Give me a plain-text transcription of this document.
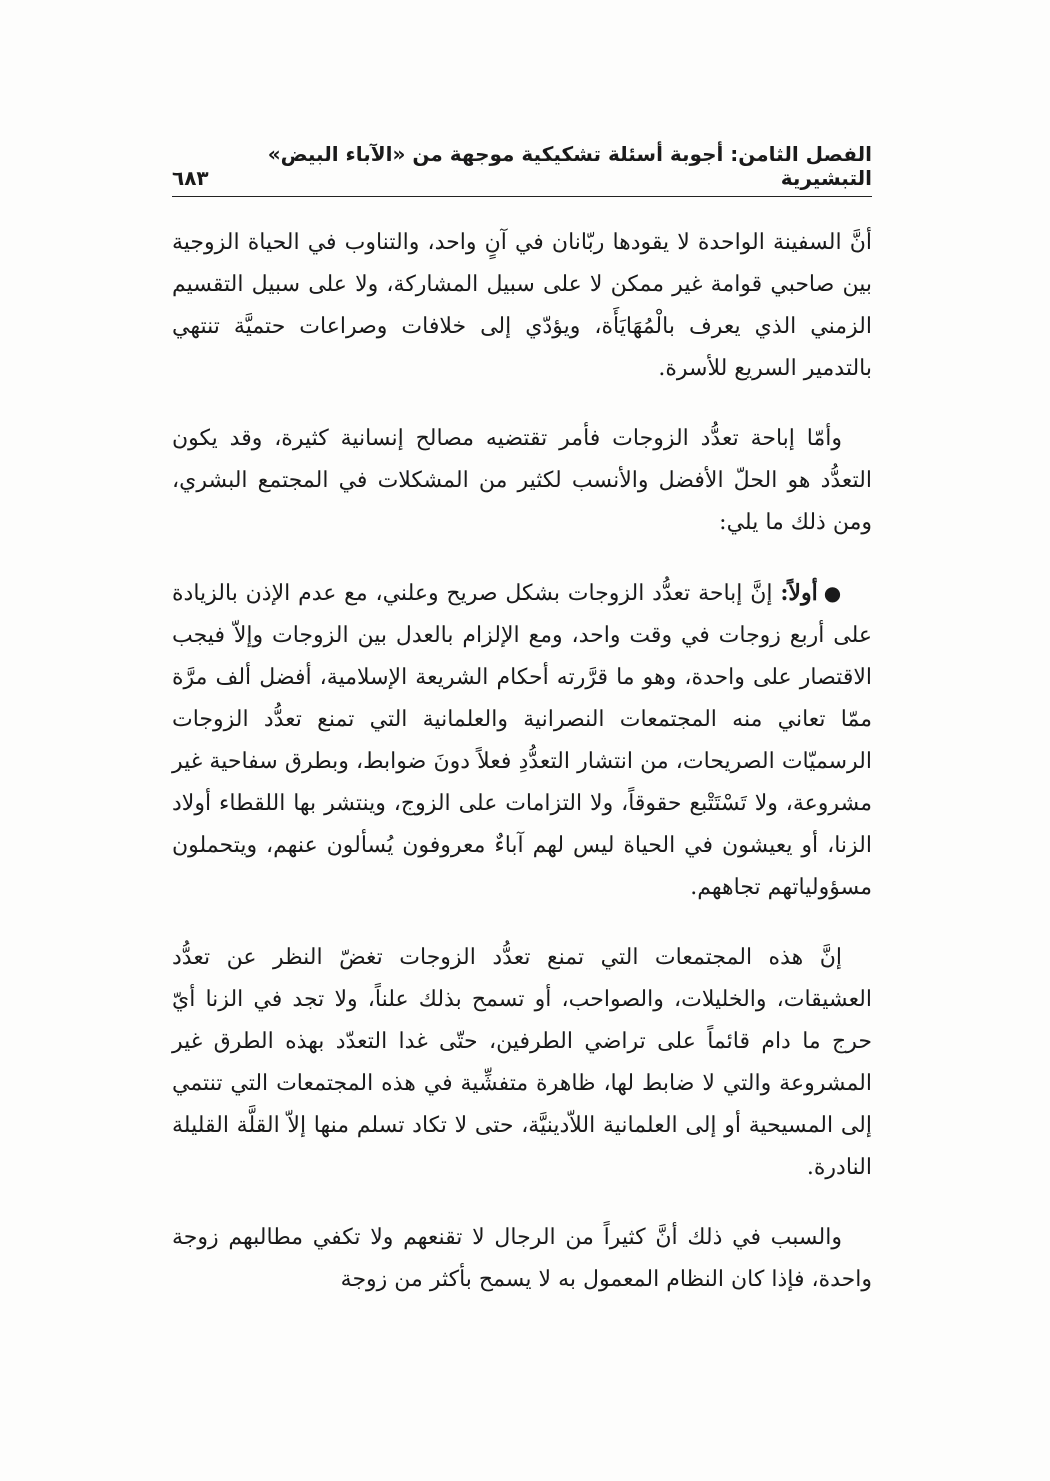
الفصل الثامن: أجوبة أسئلة تشكيكية موجهة من «الآباء البيض» التبشيرية
٦٨٣

أنَّ السفينة الواحدة لا يقودها ربّانان في آنٍ واحد، والتناوب في الحياة الزوجية بين صاحبي قوامة غير ممكن لا على سبيل المشاركة، ولا على سبيل التقسيم الزمني الذي يعرف بالْمُهَايَأَة، ويؤدّي إلى خلافات وصراعات حتميَّة تنتهي بالتدمير السريع للأسرة.

وأمّا إباحة تعدُّد الزوجات فأمر تقتضيه مصالح إنسانية كثيرة، وقد يكون التعدُّد هو الحلّ الأفضل والأنسب لكثير من المشكلات في المجتمع البشري، ومن ذلك ما يلي:

●أولاً: إنَّ إباحة تعدُّد الزوجات بشكل صريح وعلني، مع عدم الإذن بالزيادة على أربع زوجات في وقت واحد، ومع الإلزام بالعدل بين الزوجات وإلاّ فيجب الاقتصار على واحدة، وهو ما قرَّرته أحكام الشريعة الإسلامية، أفضل ألف مرَّة ممّا تعاني منه المجتمعات النصرانية والعلمانية التي تمنع تعدُّد الزوجات الرسميّات الصريحات، من انتشار التعدُّدِ فعلاً دونَ ضوابط، وبطرق سفاحية غير مشروعة، ولا تَسْتَتْبع حقوقاً، ولا التزامات على الزوج، وينتشر بها اللقطاء أولاد الزنا، أو يعيشون في الحياة ليس لهم آباءٌ معروفون يُسألون عنهم، ويتحملون مسؤولياتهم تجاههم.

إنَّ هذه المجتمعات التي تمنع تعدُّد الزوجات تغضّ النظر عن تعدُّد العشيقات، والخليلات، والصواحب، أو تسمح بذلك علناً، ولا تجد في الزنا أيّ حرج ما دام قائماً على تراضي الطرفين، حتّى غدا التعدّد بهذه الطرق غير المشروعة والتي لا ضابط لها، ظاهرة متفشِّية في هذه المجتمعات التي تنتمي إلى المسيحية أو إلى العلمانية اللاّدينيَّة، حتى لا تكاد تسلم منها إلاّ القلَّة القليلة النادرة.

والسبب في ذلك أنَّ كثيراً من الرجال لا تقنعهم ولا تكفي مطالبهم زوجة واحدة، فإذا كان النظام المعمول به لا يسمح بأكثر من زوجة
